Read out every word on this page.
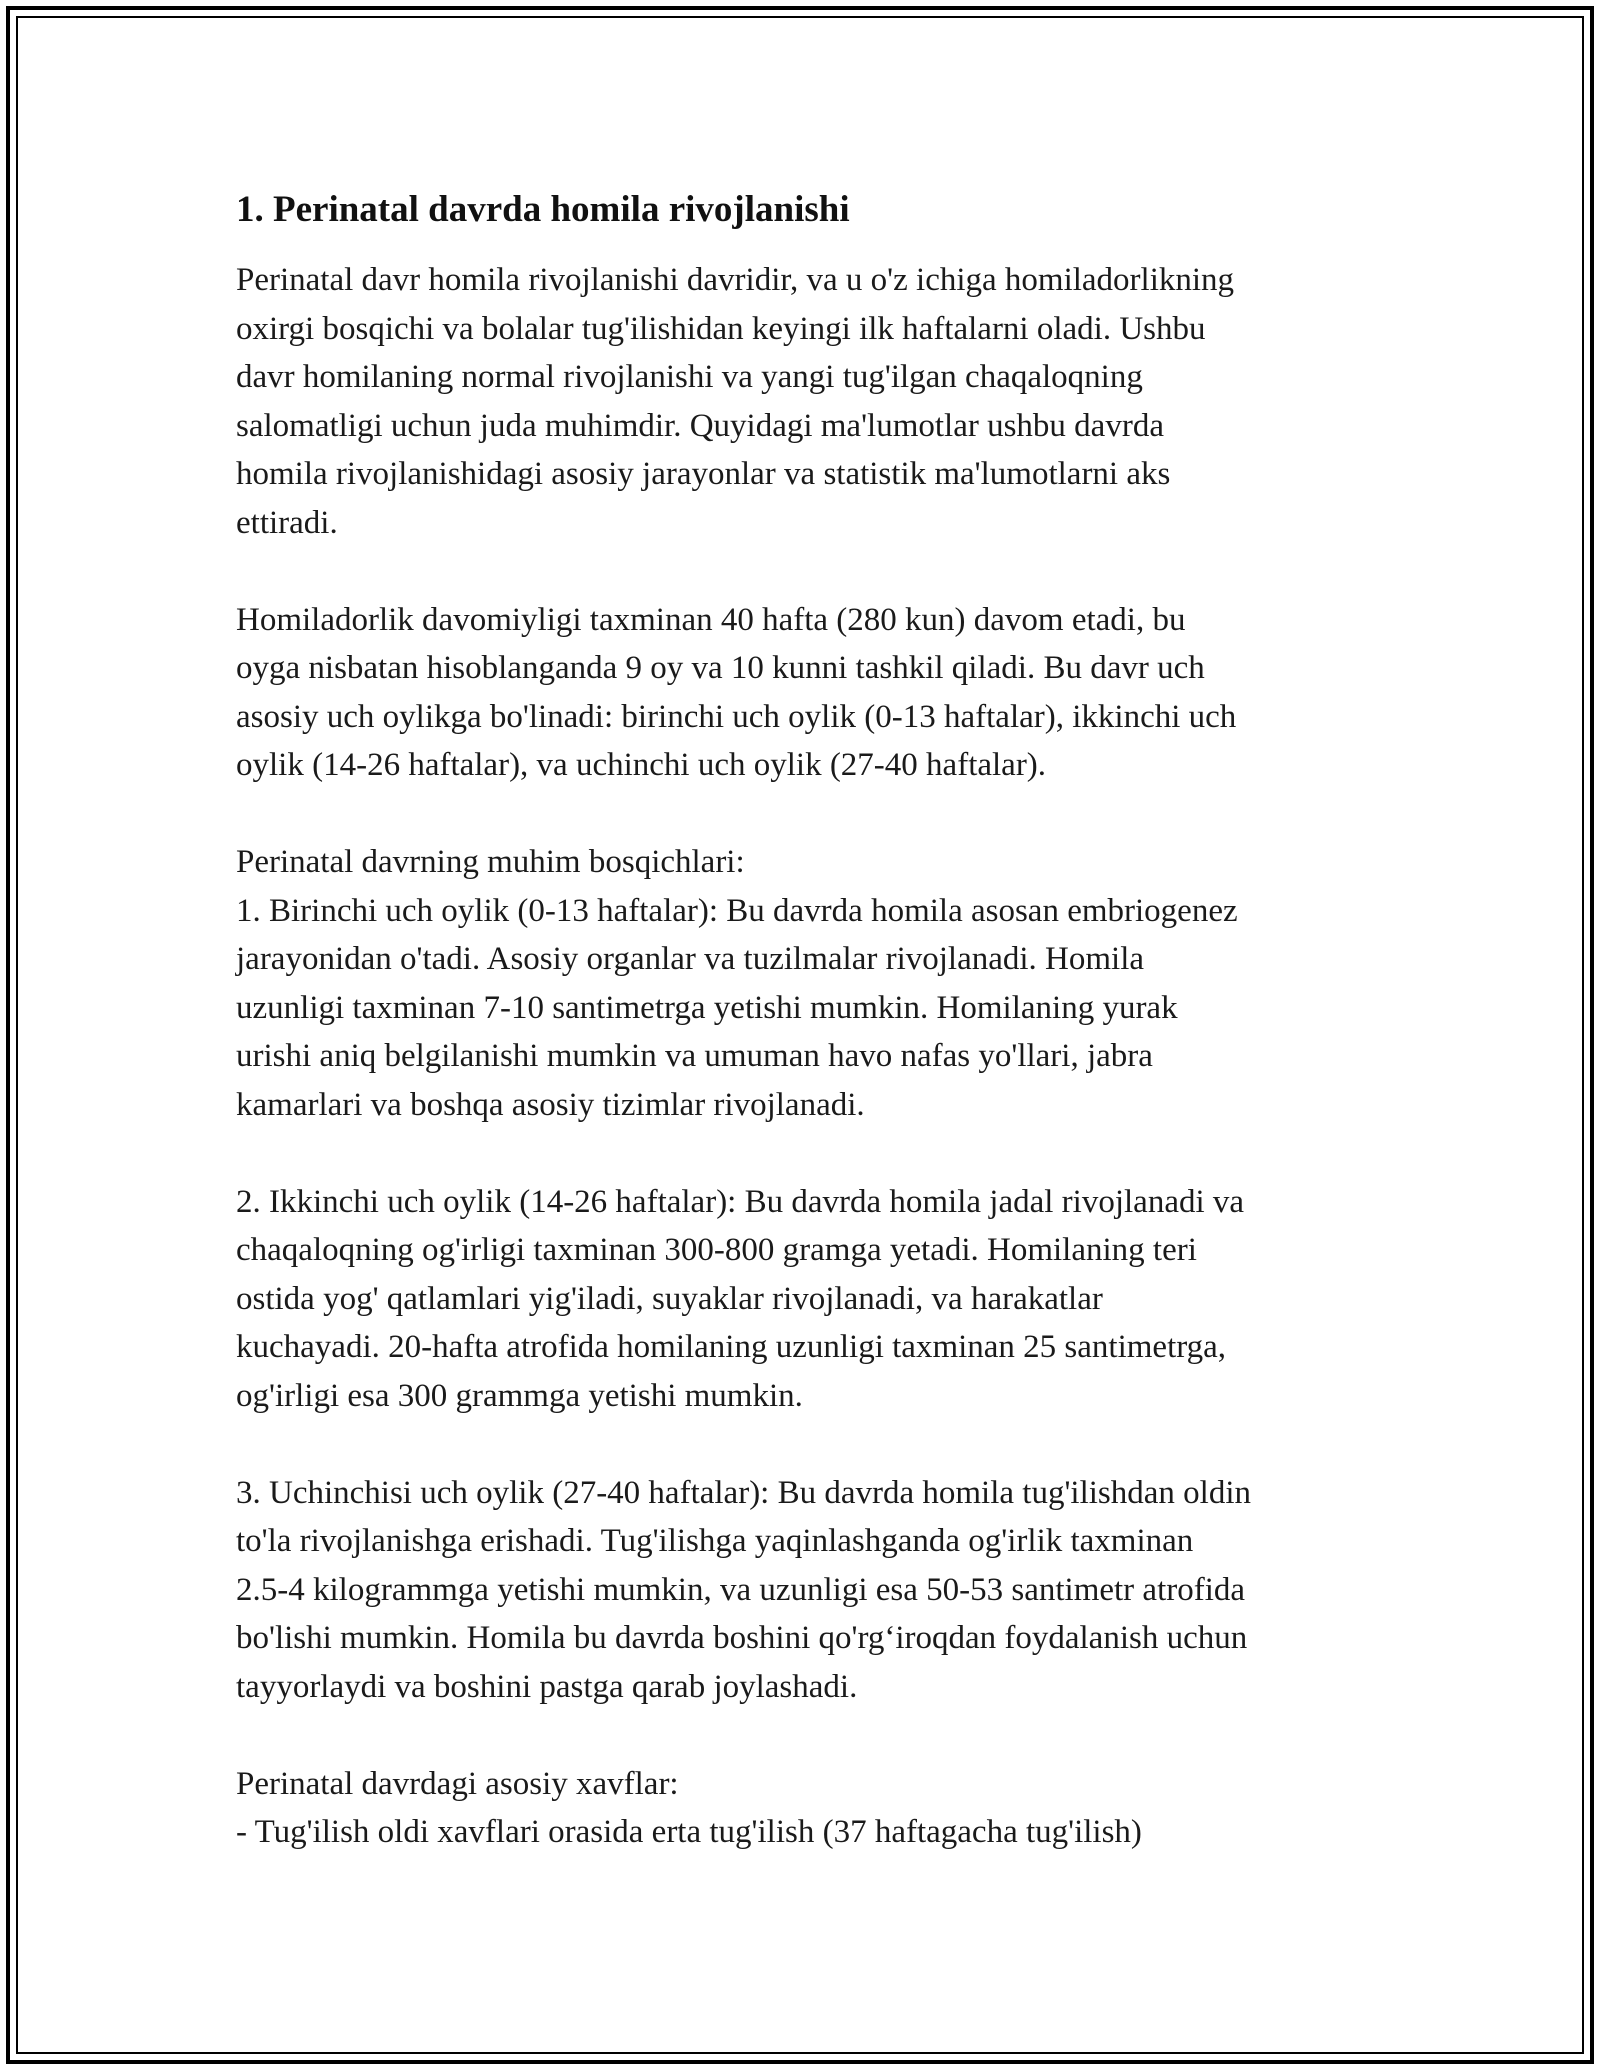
1. Perinatal davrda homila rivojlanishi
Perinatal davr homila rivojlanishi davridir, va u o'z ichiga homiladorlikning
oxirgi bosqichi va bolalar tug'ilishidan keyingi ilk haftalarni oladi. Ushbu
davr homilaning normal rivojlanishi va yangi tug'ilgan chaqaloqning
salomatligi uchun juda muhimdir. Quyidagi ma'lumotlar ushbu davrda
homila rivojlanishidagi asosiy jarayonlar va statistik ma'lumotlarni aks
ettiradi.
Homiladorlik davomiyligi taxminan 40 hafta (280 kun) davom etadi, bu
oyga nisbatan hisoblanganda 9 oy va 10 kunni tashkil qiladi. Bu davr uch
asosiy uch oylikga bo'linadi: birinchi uch oylik (0-13 haftalar), ikkinchi uch
oylik (14-26 haftalar), va uchinchi uch oylik (27-40 haftalar).
Perinatal davrning muhim bosqichlari:
1. Birinchi uch oylik (0-13 haftalar): Bu davrda homila asosan embriogenez
jarayonidan o'tadi. Asosiy organlar va tuzilmalar rivojlanadi. Homila
uzunligi taxminan 7-10 santimetrga yetishi mumkin. Homilaning yurak
urishi aniq belgilanishi mumkin va umuman havo nafas yo'llari, jabra
kamarlari va boshqa asosiy tizimlar rivojlanadi.
2. Ikkinchi uch oylik (14-26 haftalar): Bu davrda homila jadal rivojlanadi va
chaqaloqning og'irligi taxminan 300-800 gramga yetadi. Homilaning teri
ostida yog' qatlamlari yig'iladi, suyaklar rivojlanadi, va harakatlar
kuchayadi. 20-hafta atrofida homilaning uzunligi taxminan 25 santimetrga,
og'irligi esa 300 grammga yetishi mumkin.
3. Uchinchisi uch oylik (27-40 haftalar): Bu davrda homila tug'ilishdan oldin
to'la rivojlanishga erishadi. Tug'ilishga yaqinlashganda og'irlik taxminan
2.5-4 kilogrammga yetishi mumkin, va uzunligi esa 50-53 santimetr atrofida
bo'lishi mumkin. Homila bu davrda boshini qo'rg‘iroqdan foydalanish uchun
tayyorlaydi va boshini pastga qarab joylashadi.
Perinatal davrdagi asosiy xavflar:
- Tug'ilish oldi xavflari orasida erta tug'ilish (37 haftagacha tug'ilish)
